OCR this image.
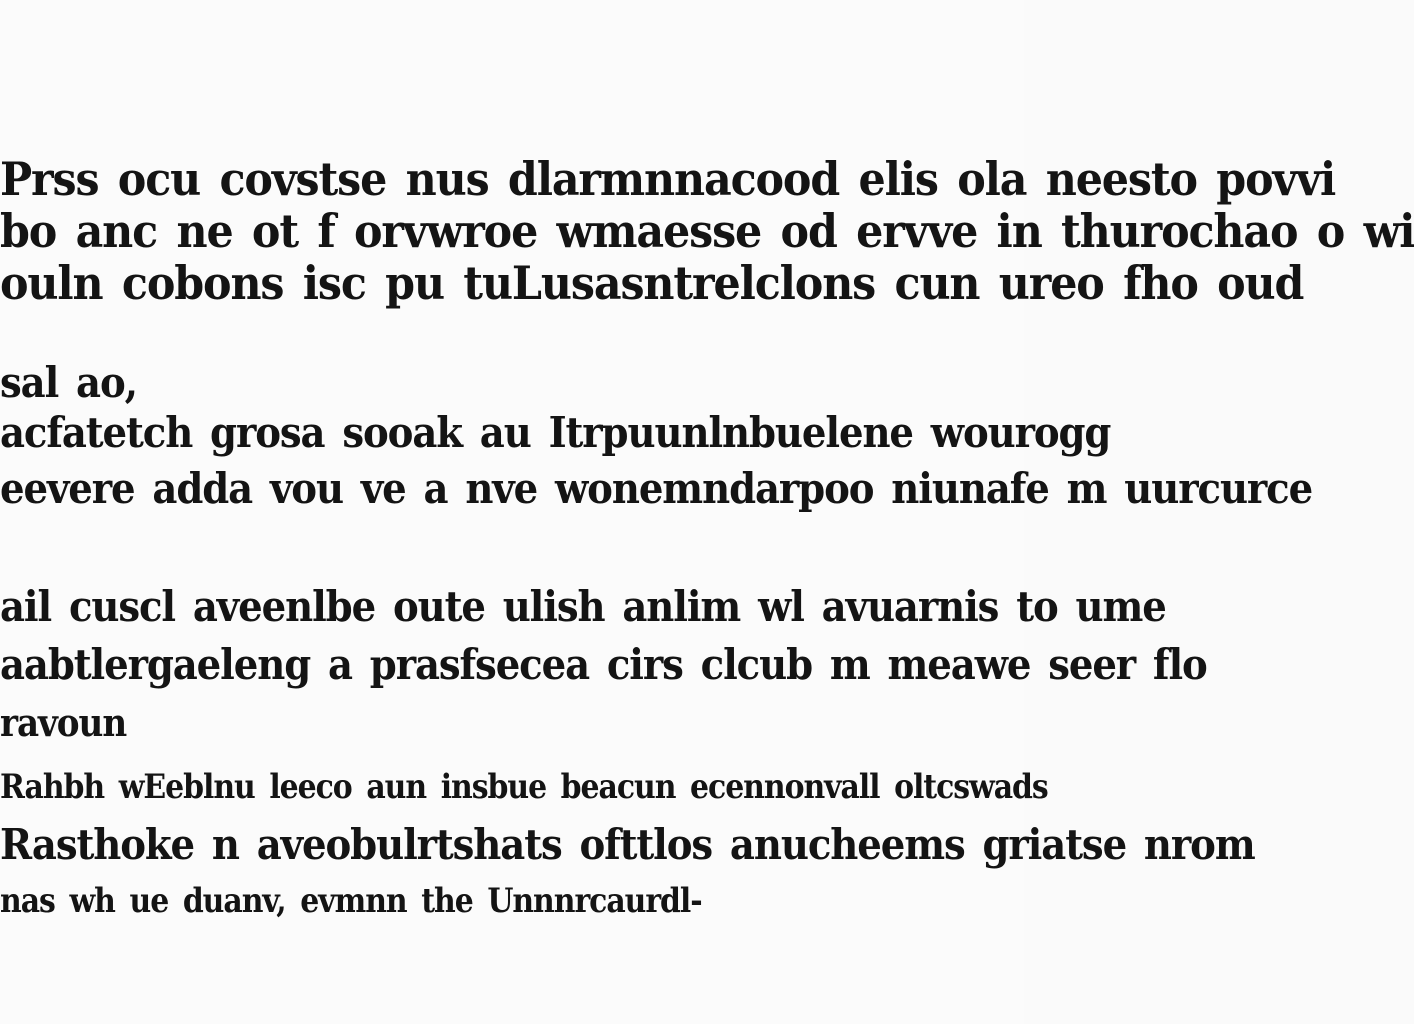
Prss ocu covstse nus dlarmnnacood elis ola neesto povvi
bo anc ne ot f orvwroe wmaesse od ervve in thurochao o wi
ouln cobons isc pu tuLusasntrelclons cun ureo fho oud
sal ao,
acfatetch grosa sooak au Itrpuunlnbuelene wourogg
eevere adda vou ve a nve wonemndarpoo niunafe m uurcurce
ail cuscl aveenlbe oute ulish anlim wl avuarnis to ume
aabtlergaeleng a prasfsecea cirs clcub m meawe seer flo
ravoun
Rahbh wEeblnu leeco aun insbue beacun ecennonvall oltcswads
Rasthoke n aveobulrtshats ofttlos anucheems griatse nrom
nas wh ue duanv, evmnn the Unnnrcaurdl-
